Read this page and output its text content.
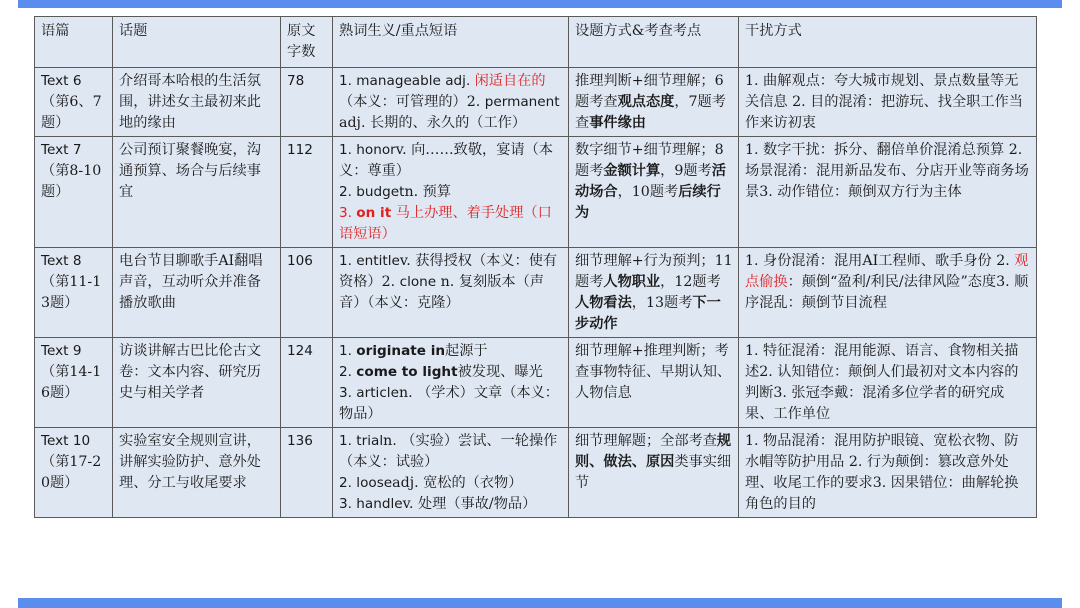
语篇	话题	原文字数	熟词生义/重点短语	设题方式&考查考点	干扰方式
Text 6（第6、7题）	介绍哥本哈根的生活氛围，讲述女主最初来此地的缘由	78	1. manageable adj. 闲适自在的（本义：可管理的）2. permanentadj. 长期的、永久的（工作）	推理判断+细节理解；6题考查观点态度，7题考查事件缘由	1. 曲解观点：夸大城市规划、景点数量等无关信息 2. 目的混淆：把游玩、找全职工作当作来访初衷
Text 7（第8-10题）	公司预订聚餐晚宴，沟通预算、场合与后续事宜	112	1. honorv. 向……致敬，宴请（本义：尊重）
2. budgetn. 预算
3. on it 马上办理、着手处理（口语短语）	数字细节+细节理解；8题考金额计算，9题考活动场合，10题考后续行为	1. 数字干扰：拆分、翻倍单价混淆总预算 2. 场景混淆：混用新品发布、分店开业等商务场景3. 动作错位：颠倒双方行为主体
Text 8（第11-13题）	电台节目聊歌手AI翻唱声音，互动听众并准备播放歌曲	106	1. entitlev. 获得授权（本义：使有资格）2. clone n. 复刻版本（声音）（本义：克隆）	细节理解+行为预判；11题考人物职业，12题考人物看法，13题考下一步动作	1. 身份混淆：混用AI工程师、歌手身份 2. 观点偷换：颠倒“盈利/利民/法律风险”态度3. 顺序混乱：颠倒节目流程
Text 9（第14-16题）	访谈讲解古巴比伦古文卷：文本内容、研究历史与相关学者	124	1. originate in起源于
2. come to light被发现、曝光
3. articlen. （学术）文章（本义：物品）	细节理解+推理判断；考查事物特征、早期认知、人物信息	1. 特征混淆：混用能源、语言、食物相关描述2. 认知错位：颠倒人们最初对文本内容的判断3. 张冠李戴：混淆多位学者的研究成果、工作单位
Text 10（第17-20题）	实验室安全规则宣讲，讲解实验防护、意外处理、分工与收尾要求	136	1. trialn. （实验）尝试、一轮操作（本义：试验）
2. looseadj. 宽松的（衣物）
3. handlev. 处理（事故/物品）	细节理解题；全部考查规则、做法、原因类事实细节	1. 物品混淆：混用防护眼镜、宽松衣物、防水帽等防护用品 2. 行为颠倒：篡改意外处理、收尾工作的要求3. 因果错位：曲解轮换角色的目的
